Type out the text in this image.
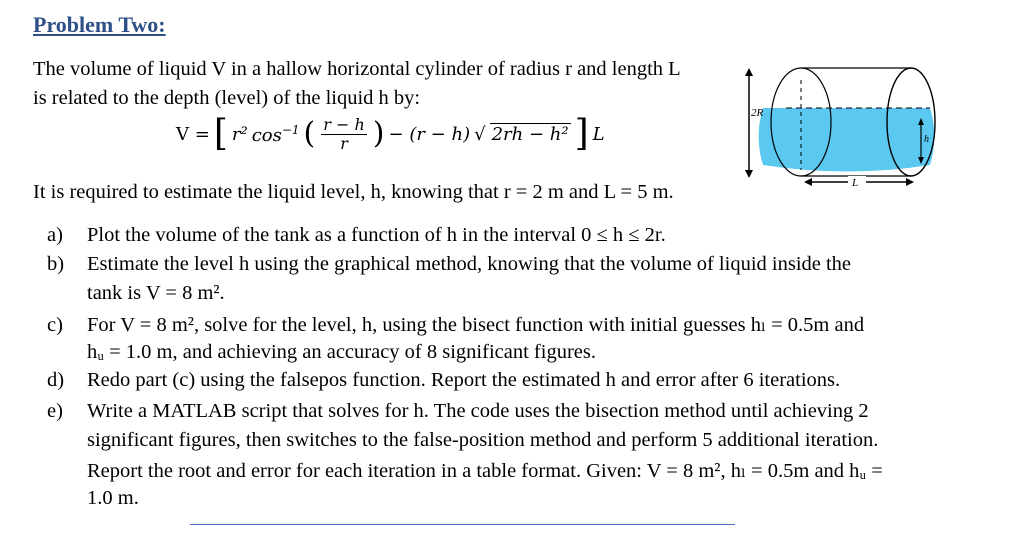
Problem Two:
The volume of liquid V in a hallow horizontal cylinder of radius r and length L
is related to the depth (level) of the liquid h by:
V = [ r² $\cos^{-1}$ ( $\frac{r - h}{r}$ ) − (r − h) √ 2rh − h² ] L
2R
h
L
It is required to estimate the liquid level, h, knowing that r = 2 m and L = 5 m.
a) Plot the volume of the tank as a function of h in the interval 0 ≤ h ≤ 2r.
b) Estimate the level h using the graphical method, knowing that the volume of liquid inside the
tank is V = 8 m².
c) For V = 8 m², solve for the level, h, using the bisect function with initial guesses hₗ = 0.5m and
hᵤ = 1.0 m, and achieving an accuracy of 8 significant figures.
d) Redo part (c) using the falsepos function. Report the estimated h and error after 6 iterations.
e) Write a MATLAB script that solves for h. The code uses the bisection method until achieving 2
significant figures, then switches to the false-position method and perform 5 additional iteration.
Report the root and error for each iteration in a table format. Given: V = 8 m², hₗ = 0.5m and hᵤ =
1.0 m.
